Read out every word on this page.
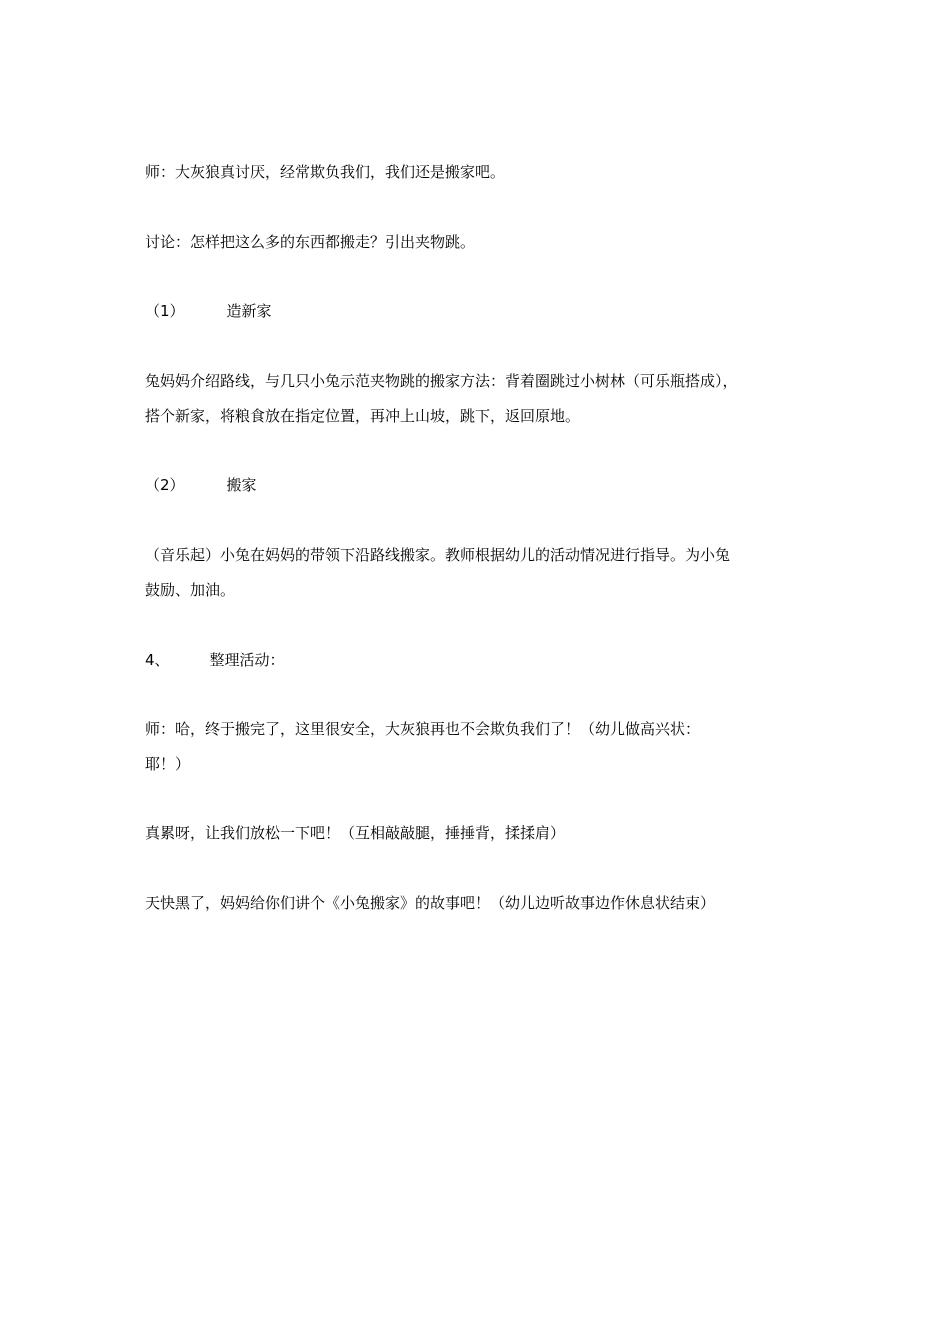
师：大灰狼真讨厌，经常欺负我们，我们还是搬家吧。

讨论：怎样把这么多的东西都搬走？引出夹物跳。

（1）	造新家

兔妈妈介绍路线，与几只小兔示范夹物跳的搬家方法：背着圈跳过小树林（可乐瓶搭成），

搭个新家，将粮食放在指定位置，再冲上山坡，跳下，返回原地。

（2）	搬家

（音乐起）小兔在妈妈的带领下沿路线搬家。教师根据幼儿的活动情况进行指导。为小兔

鼓励、加油。

4、	整理活动：

师：哈，终于搬完了，这里很安全，大灰狼再也不会欺负我们了！（幼儿做高兴状：

耶！）

真累呀，让我们放松一下吧！（互相敲敲腿，捶捶背，揉揉肩）

天快黑了，妈妈给你们讲个《小兔搬家》的故事吧！（幼儿边听故事边作休息状结束）
